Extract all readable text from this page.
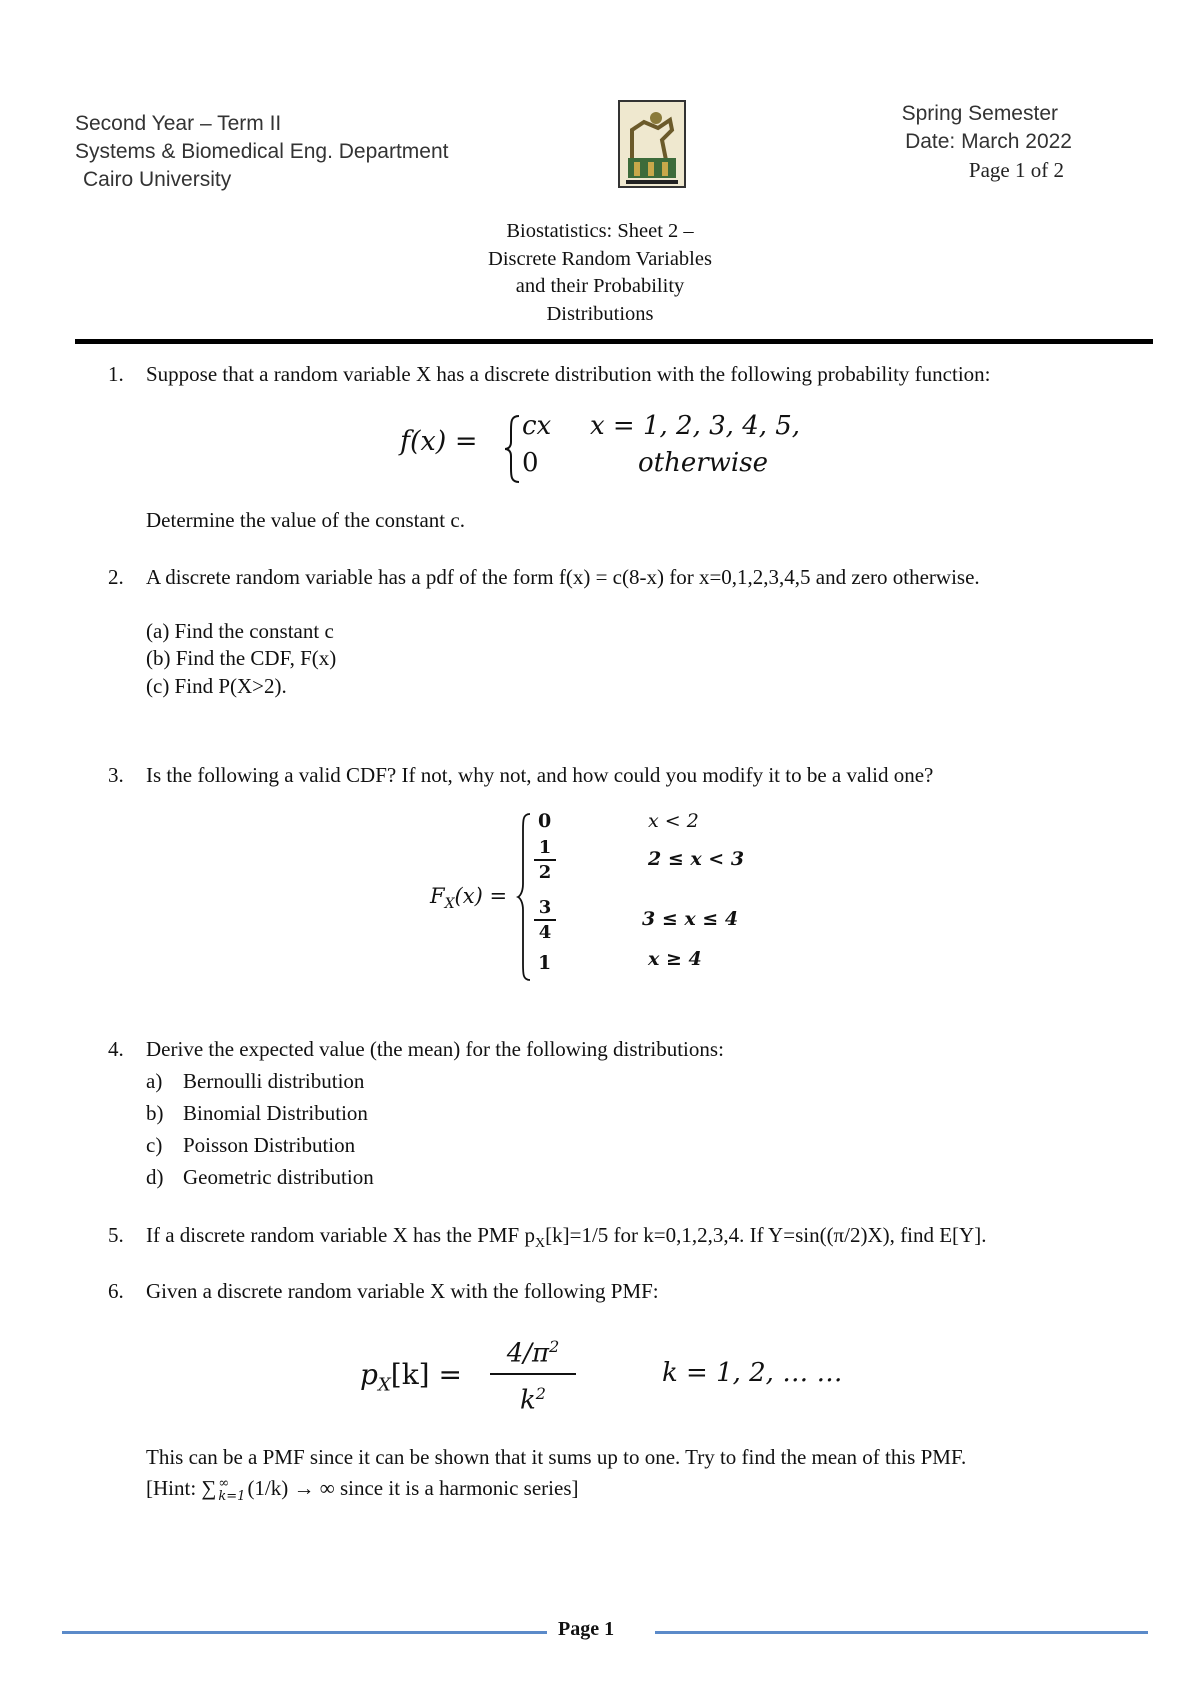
Second Year – Term II
Systems & Biomedical Eng. Department
Cairo University
Spring Semester
Date: March 2022
Page 1 of 2
Biostatistics: Sheet 2 –
Discrete Random Variables
and their Probability
Distributions
1. Suppose that a random variable X has a discrete distribution with the following probability function:
f(x) = cx x = 1, 2, 3, 4, 5,
0	otherwise
Determine the value of the constant c.
2. A discrete random variable has a pdf of the form f(x) = c(8-x) for x=0,1,2,3,4,5 and zero otherwise.
(a) Find the constant c
(b) Find the CDF, F(x)
(c) Find P(X>2).
3. Is the following a valid CDF? If not, why not, and how could you modify it to be a valid one?
$F_X(x)$ =
0	x < 2
$\frac{1}{2}$	2 ≤ x < 3
$\frac{3}{4}$	3 ≤ x ≤ 4
1	x ≥ 4
4. Derive the expected value (the mean) for the following distributions:
a) Bernoulli distribution
b) Binomial Distribution
c) Poisson Distribution
d) Geometric distribution
5. If a discrete random variable X has the PMF $p_X[k]=1/5$ for k=0,1,2,3,4. If Y=sin((π/2)X), find E[Y].
6. Given a discrete random variable X with the following PMF:
$p_X[k] = \frac{4/\pi^2}{k^2}$	k = 1, 2, … …
This can be a PMF since it can be shown that it sums up to one. Try to find the mean of this PMF.
[Hint: ∑ ∞
k=1 (1/k) → ∞ since it is a harmonic series]
Page 1
